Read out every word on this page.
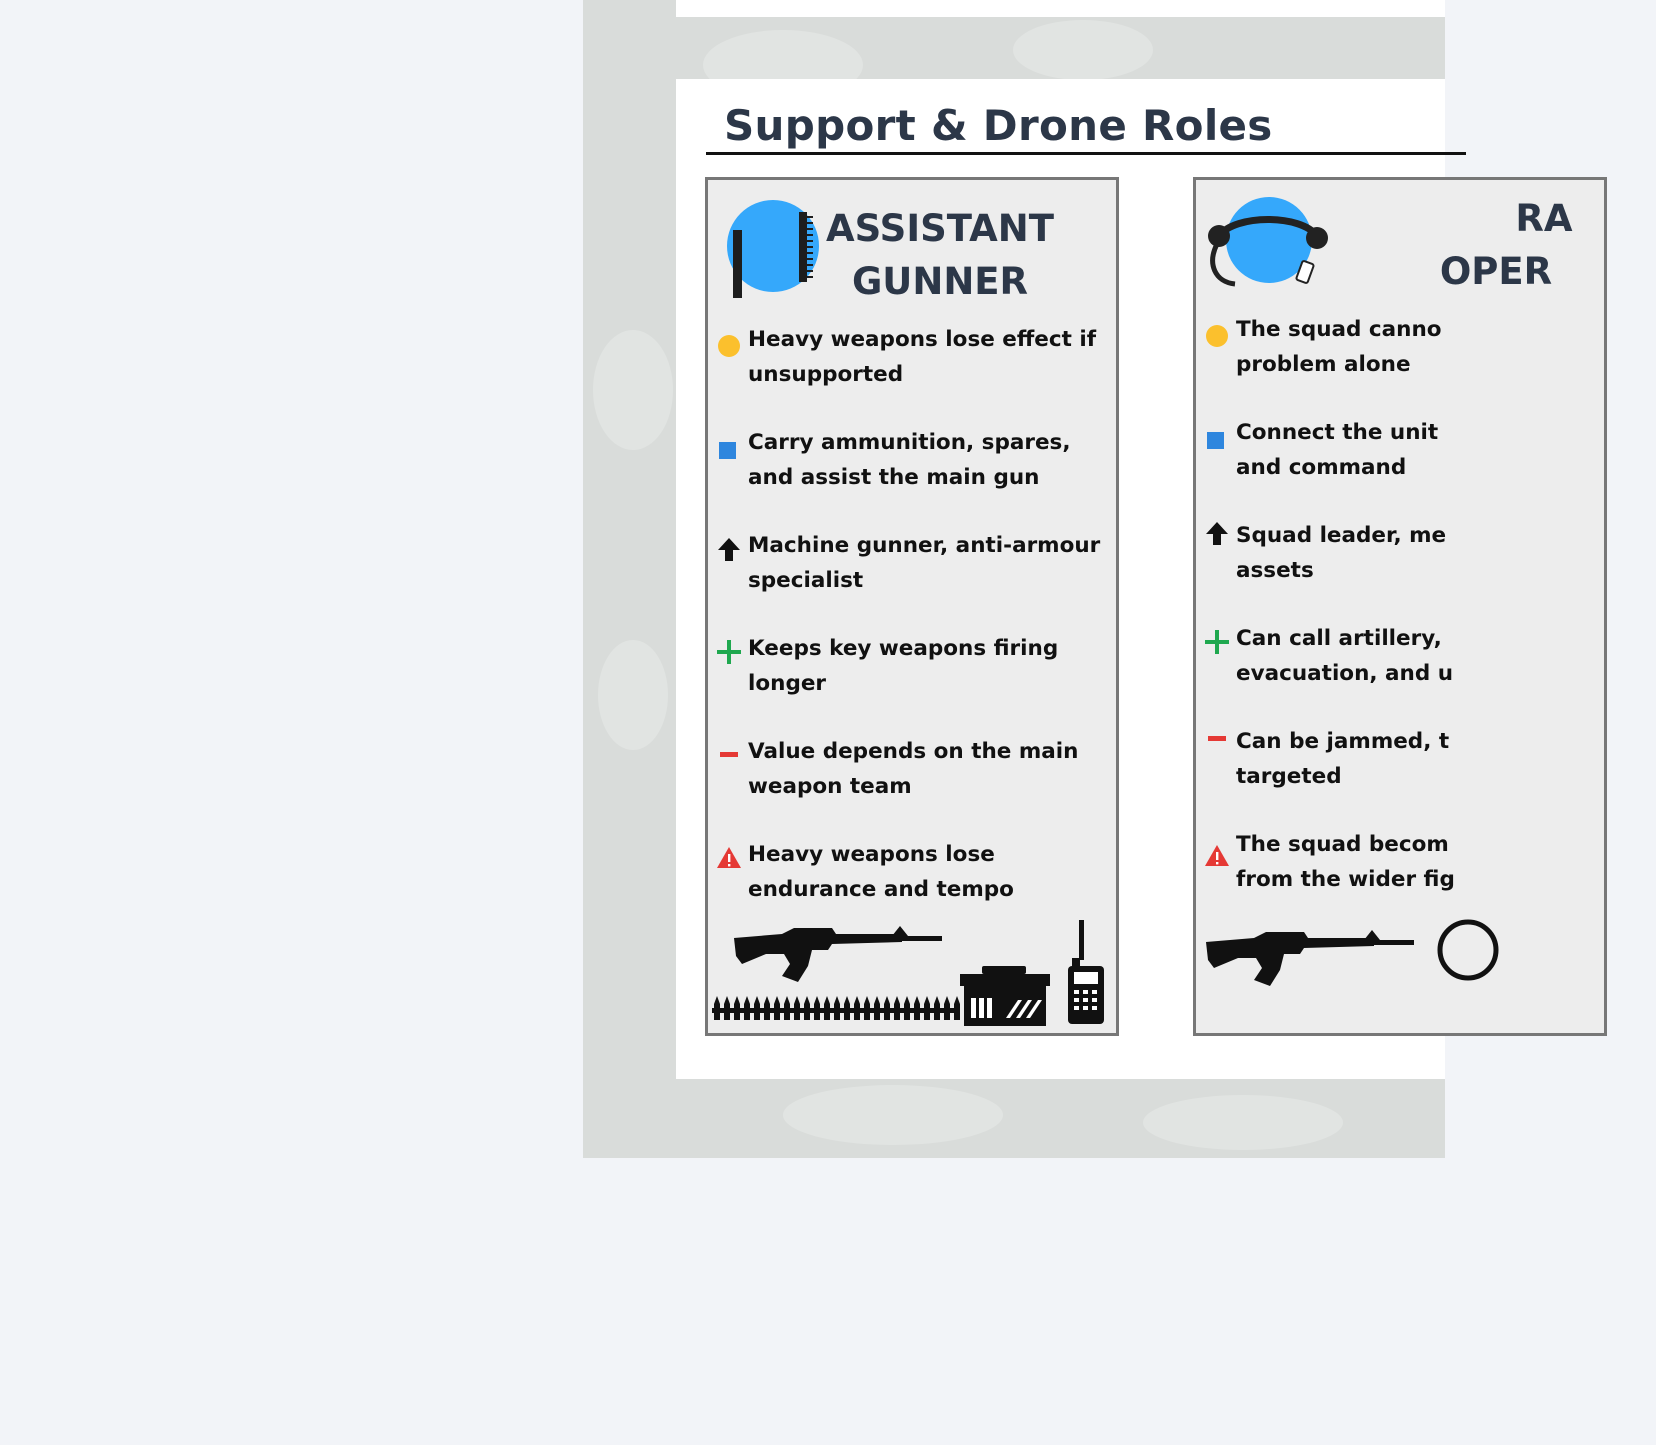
Support & Drone Roles
ASSISTANT
GUNNER
Heavy weapons lose effect if unsupported
Carry ammunition, spares, and assist the main gun
Machine gunner, anti-armour specialist
Keeps key weapons firing longer
Value depends on the main weapon team
Heavy weapons lose endurance and tempo
RA
OPER
The squad canno
problem alone
Connect the unit
and command
Squad leader, me
assets
Can call artillery,
evacuation, and u
Can be jammed, t
targeted
The squad becom
from the wider fig
